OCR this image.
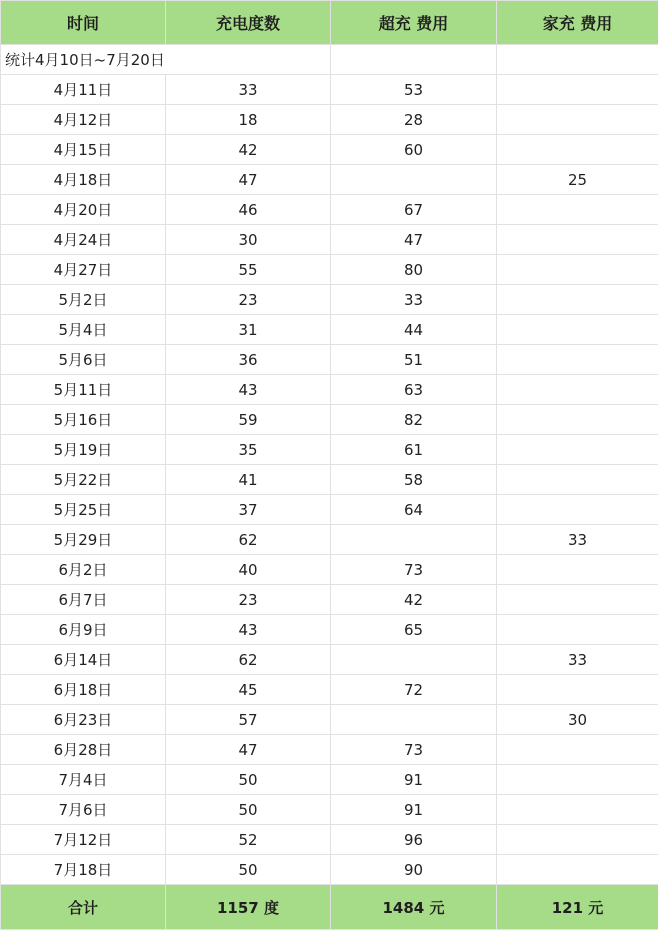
时间	充电度数	超充 费用	家充 费用
统计4月10日~7月20日			
4月11日	33	53	
4月12日	18	28	
4月15日	42	60	
4月18日	47		25
4月20日	46	67	
4月24日	30	47	
4月27日	55	80	
5月2日	23	33	
5月4日	31	44	
5月6日	36	51	
5月11日	43	63	
5月16日	59	82	
5月19日	35	61	
5月22日	41	58	
5月25日	37	64	
5月29日	62		33
6月2日	40	73	
6月7日	23	42	
6月9日	43	65	
6月14日	62		33
6月18日	45	72	
6月23日	57		30
6月28日	47	73	
7月4日	50	91	
7月6日	50	91	
7月12日	52	96	
7月18日	50	90	
合计	1157 度	1484 元	121 元
